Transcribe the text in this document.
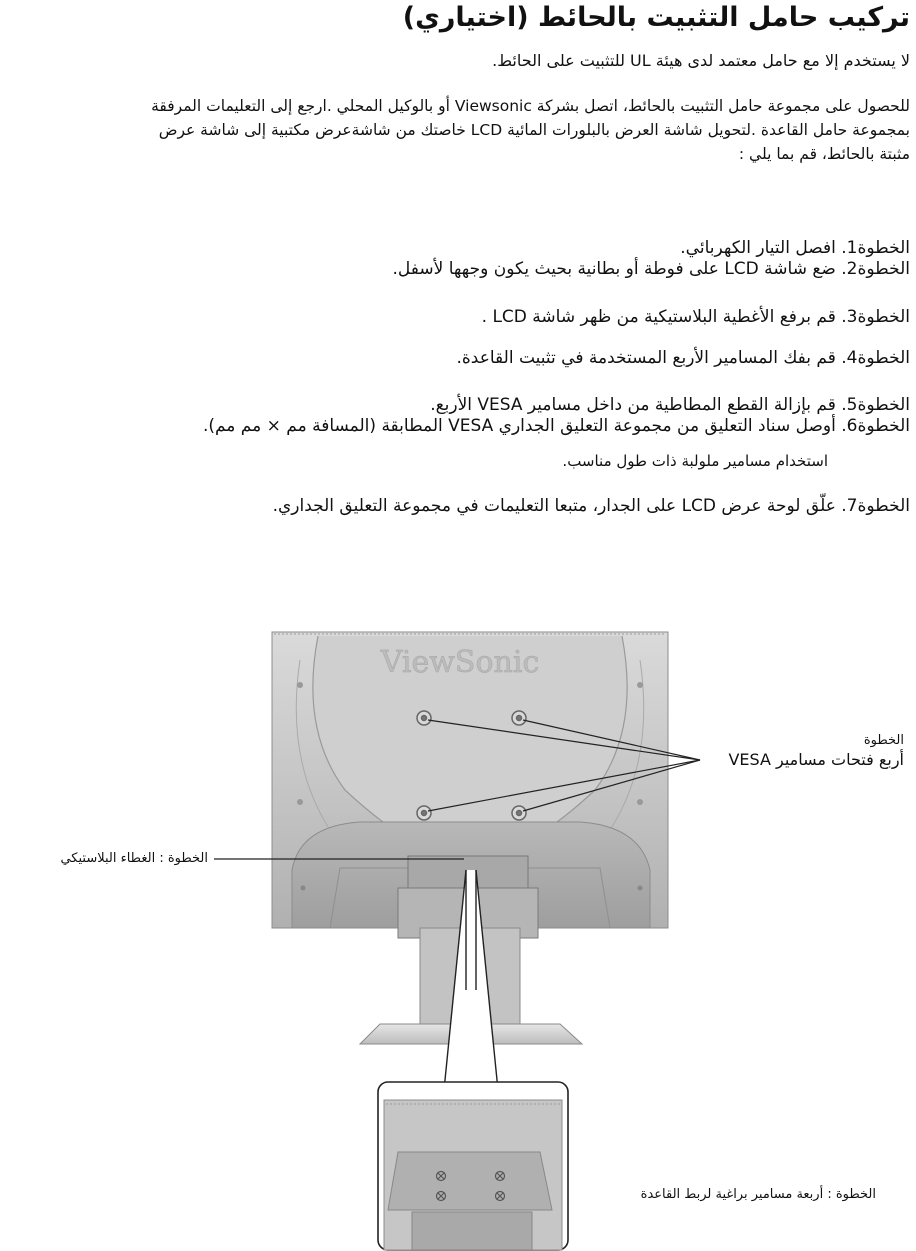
تركيب حامل التثبيت بالحائط (اختياري)
لا يستخدم إلا مع حامل معتمد لدى هيئة UL للتثبيت على الحائط.
للحصول على مجموعة حامل التثبيت بالحائط، اتصل بشركة Viewsonic أو بالوكيل المحلي .ارجع إلى التعليمات المرفقة
بمجموعة حامل القاعدة .لتحويل شاشة العرض بالبلورات المائية LCD خاصتك من شاشةعرض مكتبية إلى شاشة عرض
مثبتة بالحائط، قم بما يلي :
الخطوة1. افصل التيار الكهربائي.
الخطوة2. ضع شاشة LCD على فوطة أو بطانية بحيث يكون وجهها لأسفل.
الخطوة3. قم برفع الأغطية البلاستيكية من ظهر شاشة LCD .
الخطوة4. قم بفك المسامير الأربع المستخدمة في تثبيت القاعدة.
الخطوة5. قم بإزالة القطع المطاطية من داخل مسامير VESA الأربع.
الخطوة6. أوصل سناد التعليق من مجموعة التعليق الجداري VESA المطابقة (المسافة مم × مم مم).
استخدام مسامير ملولبة ذات طول مناسب.
الخطوة7. علّق لوحة عرض LCD على الجدار، متبعا التعليمات في مجموعة التعليق الجداري.
ViewSonic
الخطوة
أربع فتحات مسامير VESA
الخطوة : الغطاء البلاستيكي
الخطوة : أربعة مسامير براغية لربط القاعدة
